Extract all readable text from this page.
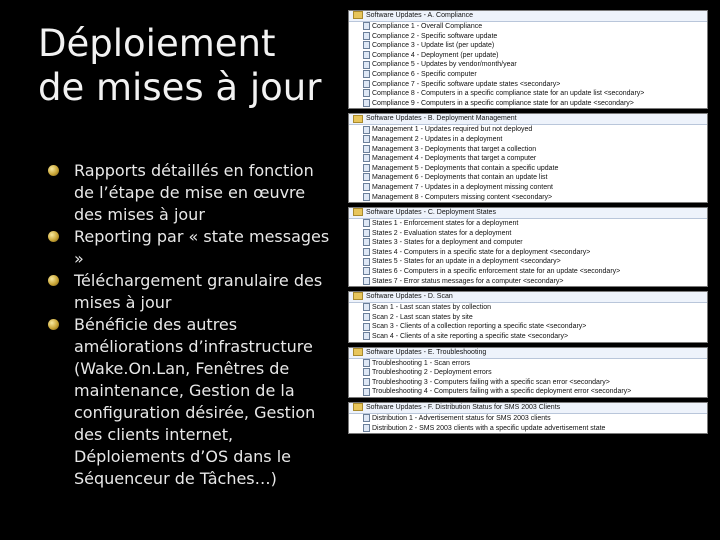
Déploiement
de mises à jour
Rapports détaillés en fonction de l’étape de mise en œuvre des mises à jour
Reporting par « state messages »
Téléchargement granulaire des mises à jour
Bénéficie des autres améliorations d’infrastructure (Wake.On.Lan, Fenêtres de maintenance, Gestion de la configuration désirée, Gestion des clients internet, Déploiements d’OS dans le Séquenceur de Tâches…)
Software Updates - A. Compliance
Compliance 1 - Overall Compliance
Compliance 2 - Specific software update
Compliance 3 - Update list (per update)
Compliance 4 - Deployment (per update)
Compliance 5 - Updates by vendor/month/year
Compliance 6 - Specific computer
Compliance 7 - Specific software update states <secondary>
Compliance 8 - Computers in a specific compliance state for an update list <secondary>
Compliance 9 - Computers in a specific compliance state for an update <secondary>
Software Updates - B. Deployment Management
Management 1 - Updates required but not deployed
Management 2 - Updates in a deployment
Management 3 - Deployments that target a collection
Management 4 - Deployments that target a computer
Management 5 - Deployments that contain a specific update
Management 6 - Deployments that contain an update list
Management 7 - Updates in a deployment missing content
Management 8 - Computers missing content <secondary>
Software Updates - C. Deployment States
States 1 - Enforcement states for a deployment
States 2 - Evaluation states for a deployment
States 3 - States for a deployment and computer
States 4 - Computers in a specific state for a deployment <secondary>
States 5 - States for an update in a deployment <secondary>
States 6 - Computers in a specific enforcement state for an update <secondary>
States 7 - Error status messages for a computer <secondary>
Software Updates - D. Scan
Scan 1 - Last scan states by collection
Scan 2 - Last scan states by site
Scan 3 - Clients of a collection reporting a specific state <secondary>
Scan 4 - Clients of a site reporting a specific state <secondary>
Software Updates - E. Troubleshooting
Troubleshooting 1 - Scan errors
Troubleshooting 2 - Deployment errors
Troubleshooting 3 - Computers failing with a specific scan error <secondary>
Troubleshooting 4 - Computers failing with a specific deployment error <secondary>
Software Updates - F. Distribution Status for SMS 2003 Clients
Distribution 1 - Advertisement status for SMS 2003 clients
Distribution 2 - SMS 2003 clients with a specific update advertisement state
